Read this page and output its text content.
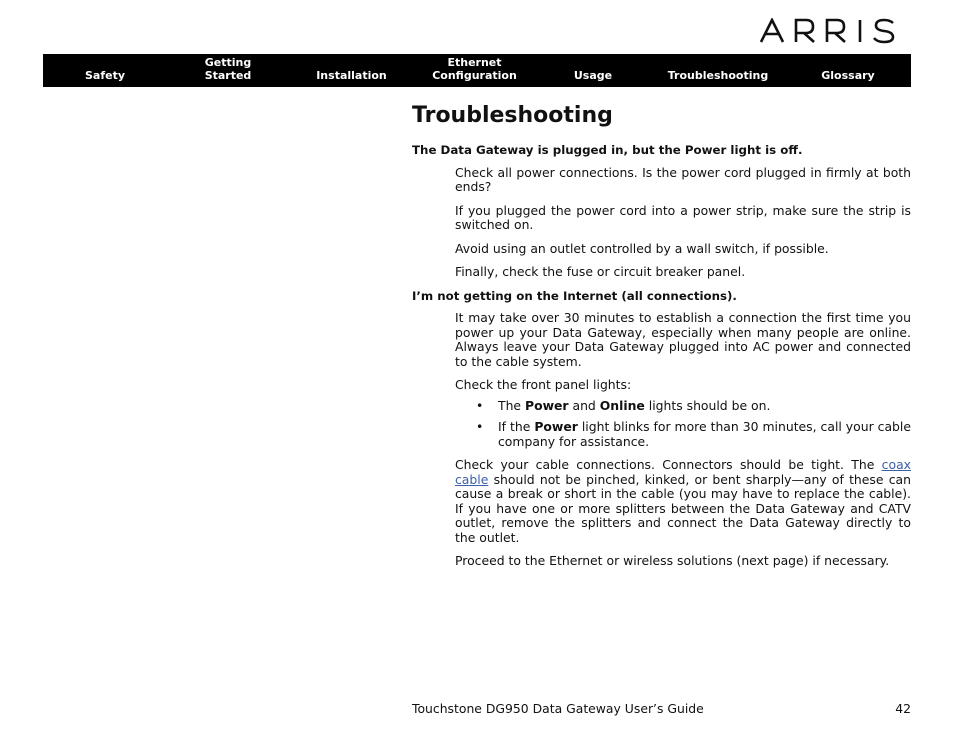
Safety
Getting
Started	Installation
Ethernet
Configuration	Usage	Troubleshooting	Glossary
Troubleshooting

The Data Gateway is plugged in, but the Power light is off.

Check all power connections. Is the power cord plugged in firmly at both ends?

If you plugged the power cord into a power strip, make sure the strip is switched on.

Avoid using an outlet controlled by a wall switch, if possible.

Finally, check the fuse or circuit breaker panel.

I’m not getting on the Internet (all connections).

It may take over 30 minutes to establish a connection the first time you power up your Data Gateway, especially when many people are online. Always leave your Data Gateway plugged into AC power and connected to the cable system.

Check the front panel lights:

• The Power and Online lights should be on.
• If the Power light blinks for more than 30 minutes, call your cable company for assistance.

Check your cable connections. Connectors should be tight. The coax cable should not be pinched, kinked, or bent sharply—any of these can cause a break or short in the cable (you may have to replace the cable). If you have one or more splitters between the Data Gateway and CATV outlet, remove the splitters and connect the Data Gateway directly to the outlet.

Proceed to the Ethernet or wireless solutions (next page) if necessary.

Touchstone DG950 Data Gateway User’s Guide	42
